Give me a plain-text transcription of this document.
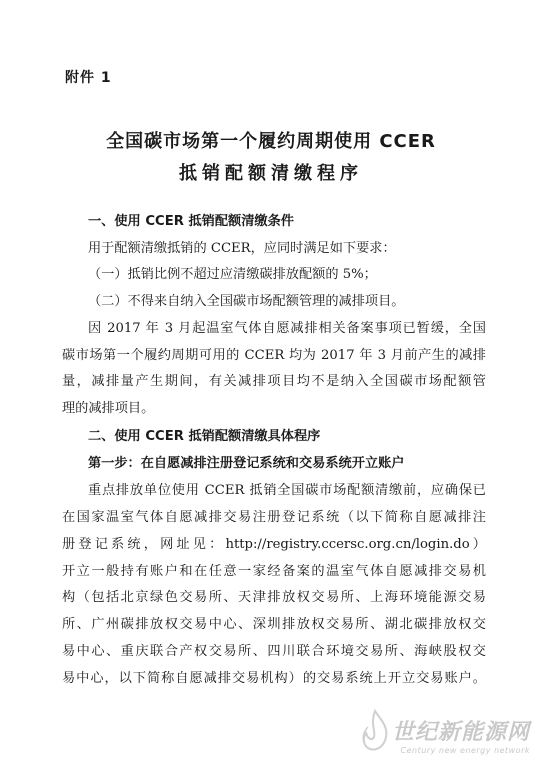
附件 1
全国碳市场第一个履约周期使用 CCER
抵销配额清缴程序
一、使用 CCER 抵销配额清缴条件
用于配额清缴抵销的 CCER，应同时满足如下要求：
（一）抵销比例不超过应清缴碳排放配额的 5%；
（二）不得来自纳入全国碳市场配额管理的减排项目。
因 2017 年 3 月起温室气体自愿减排相关备案事项已暂缓，全国
碳市场第一个履约周期可用的 CCER 均为 2017 年 3 月前产生的减排
量，减排量产生期间，有关减排项目均不是纳入全国碳市场配额管
理的减排项目。
二、使用 CCER 抵销配额清缴具体程序
第一步：在自愿减排注册登记系统和交易系统开立账户
重点排放单位使用 CCER 抵销全国碳市场配额清缴前，应确保已
在国家温室气体自愿减排交易注册登记系统（以下简称自愿减排注
册登记系统，网址见：http://registry.ccersc.org.cn/login.do）
开立一般持有账户和在任意一家经备案的温室气体自愿减排交易机
构（包括北京绿色交易所、天津排放权交易所、上海环境能源交易
所、广州碳排放权交易中心、深圳排放权交易所、湖北碳排放权交
易中心、重庆联合产权交易所、四川联合环境交易所、海峡股权交
易中心，以下简称自愿减排交易机构）的交易系统上开立交易账户。
世纪新能源网
Century new energy network
